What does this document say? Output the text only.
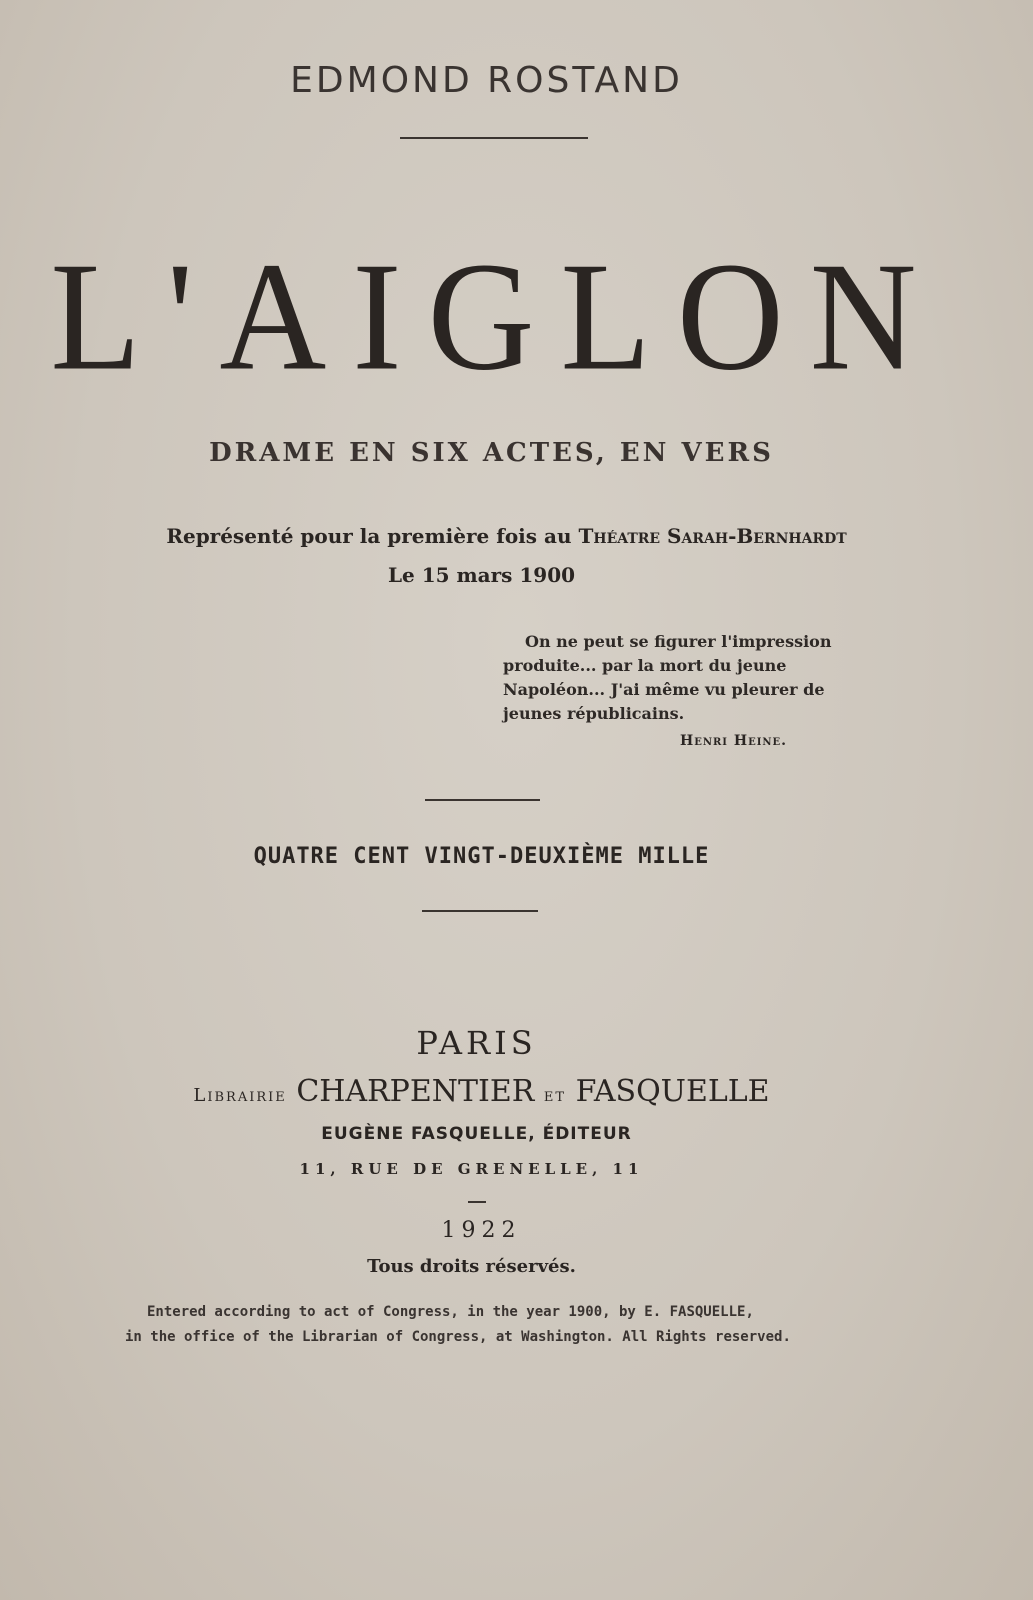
EDMOND ROSTAND
L'AIGLON
DRAME EN SIX ACTES, EN VERS
Représenté pour la première fois au Théatre Sarah-Bernhardt
Le 15 mars 1900
On ne peut se figurer l'impression
produite... par la mort du jeune
Napoléon... J'ai même vu pleurer de
jeunes républicains.
Henri Heine.
QUATRE CENT VINGT-DEUXIÈME MILLE
PARIS
Librairie CHARPENTIER et FASQUELLE
EUGÈNE FASQUELLE, ÉDITEUR
11, RUE DE GRENELLE, 11
1922
Tous droits réservés.
Entered according to act of Congress, in the year 1900, by E. FASQUELLE,
in the office of the Librarian of Congress, at Washington. All Rights reserved.
